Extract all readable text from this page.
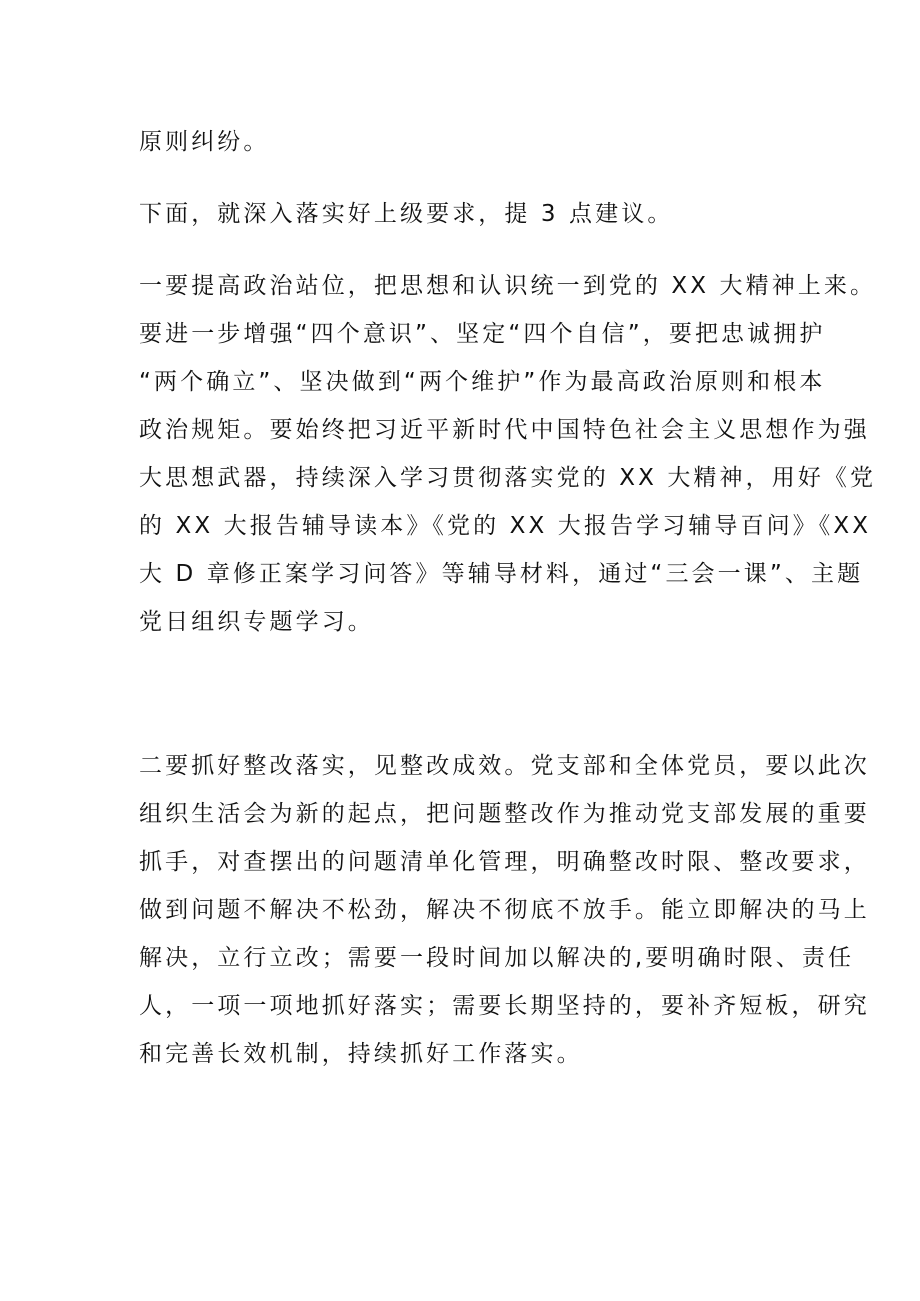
原则纠纷。

下面，就深入落实好上级要求，提 3 点建议。

一要提高政治站位，把思想和认识统一到党的 XX 大精神上来。
要进一步增强“四个意识”、坚定“四个自信”，要把忠诚拥护
“两个确立”、坚决做到“两个维护”作为最高政治原则和根本
政治规矩。要始终把习近平新时代中国特色社会主义思想作为强
大思想武器，持续深入学习贯彻落实党的 XX 大精神，用好《党
的 XX 大报告辅导读本》《党的 XX 大报告学习辅导百问》《XX
大 D 章修正案学习问答》等辅导材料，通过“三会一课”、主题
党日组织专题学习。

二要抓好整改落实，见整改成效。党支部和全体党员，要以此次
组织生活会为新的起点，把问题整改作为推动党支部发展的重要
抓手，对查摆出的问题清单化管理，明确整改时限、整改要求，
做到问题不解决不松劲，解决不彻底不放手。能立即解决的马上
解决，立行立改；需要一段时间加以解决的,要明确时限、责任
人，一项一项地抓好落实；需要长期坚持的，要补齐短板，研究
和完善长效机制，持续抓好工作落实。
